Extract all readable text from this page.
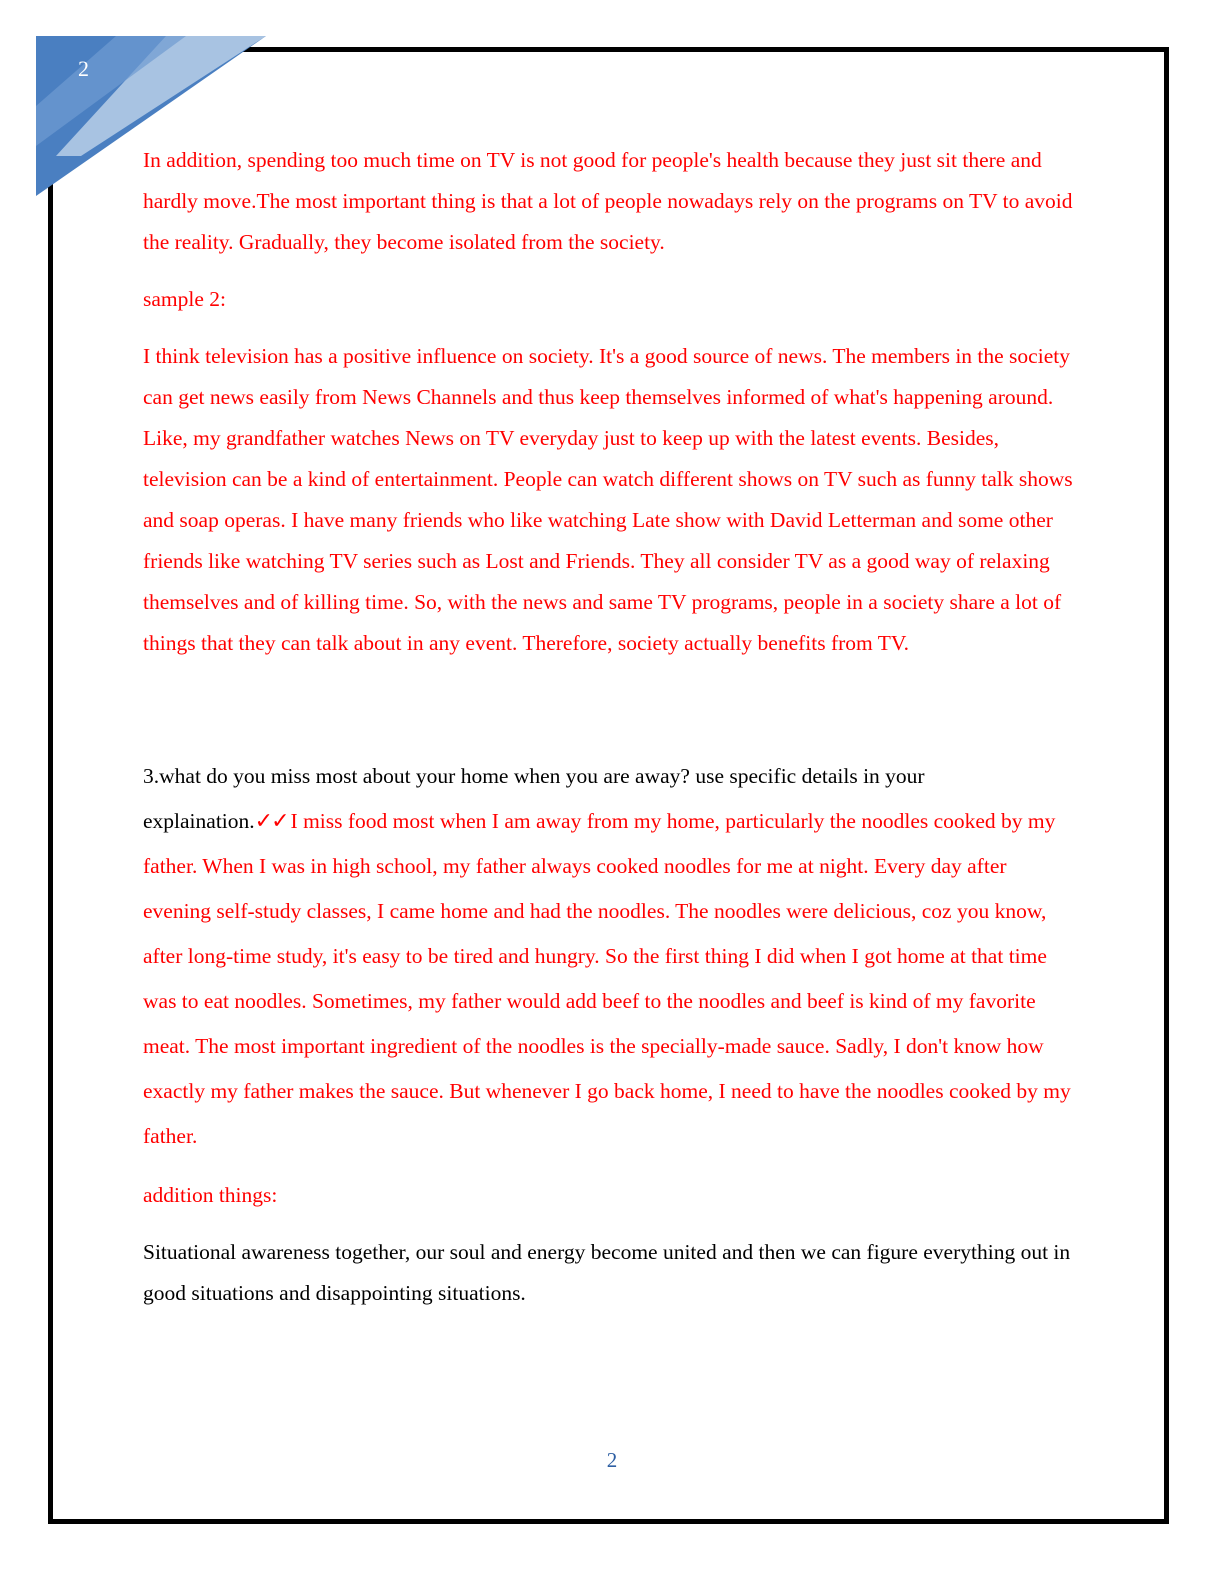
2

In addition, spending too much time on TV is not good for people's health because they just sit there and hardly move.The most important thing is that a lot of people nowadays rely on the programs on TV to avoid the reality. Gradually, they become isolated from the society.

sample 2:

I think television has a positive influence on society. It's a good source of news. The members in the society can get news easily from News Channels and thus keep themselves informed of what's happening around. Like, my grandfather watches News on TV everyday just to keep up with the latest events. Besides, television can be a kind of entertainment. People can watch different shows on TV such as funny talk shows and soap operas. I have many friends who like watching Late show with David Letterman and some other friends like watching TV series such as Lost and Friends. They all consider TV as a good way of relaxing themselves and of killing time. So, with the news and same TV programs, people in a society share a lot of things that they can talk about in any event. Therefore, society actually benefits from TV.

3.what do you miss most about your home when you are away? use specific details in your explaination.✓✓ I miss food most when I am away from my home, particularly the noodles cooked by my father. When I was in high school, my father always cooked noodles for me at night. Every day after evening self-study classes, I came home and had the noodles. The noodles were delicious, coz you know, after long-time study, it's easy to be tired and hungry. So the first thing I did when I got home at that time was to eat noodles. Sometimes, my father would add beef to the noodles and beef is kind of my favorite meat. The most important ingredient of the noodles is the specially-made sauce. Sadly, I don't know how exactly my father makes the sauce. But whenever I go back home, I need to have the noodles cooked by my father.

addition things:

Situational awareness together, our soul and energy become united and then we can figure everything out in good situations and disappointing situations.

2
